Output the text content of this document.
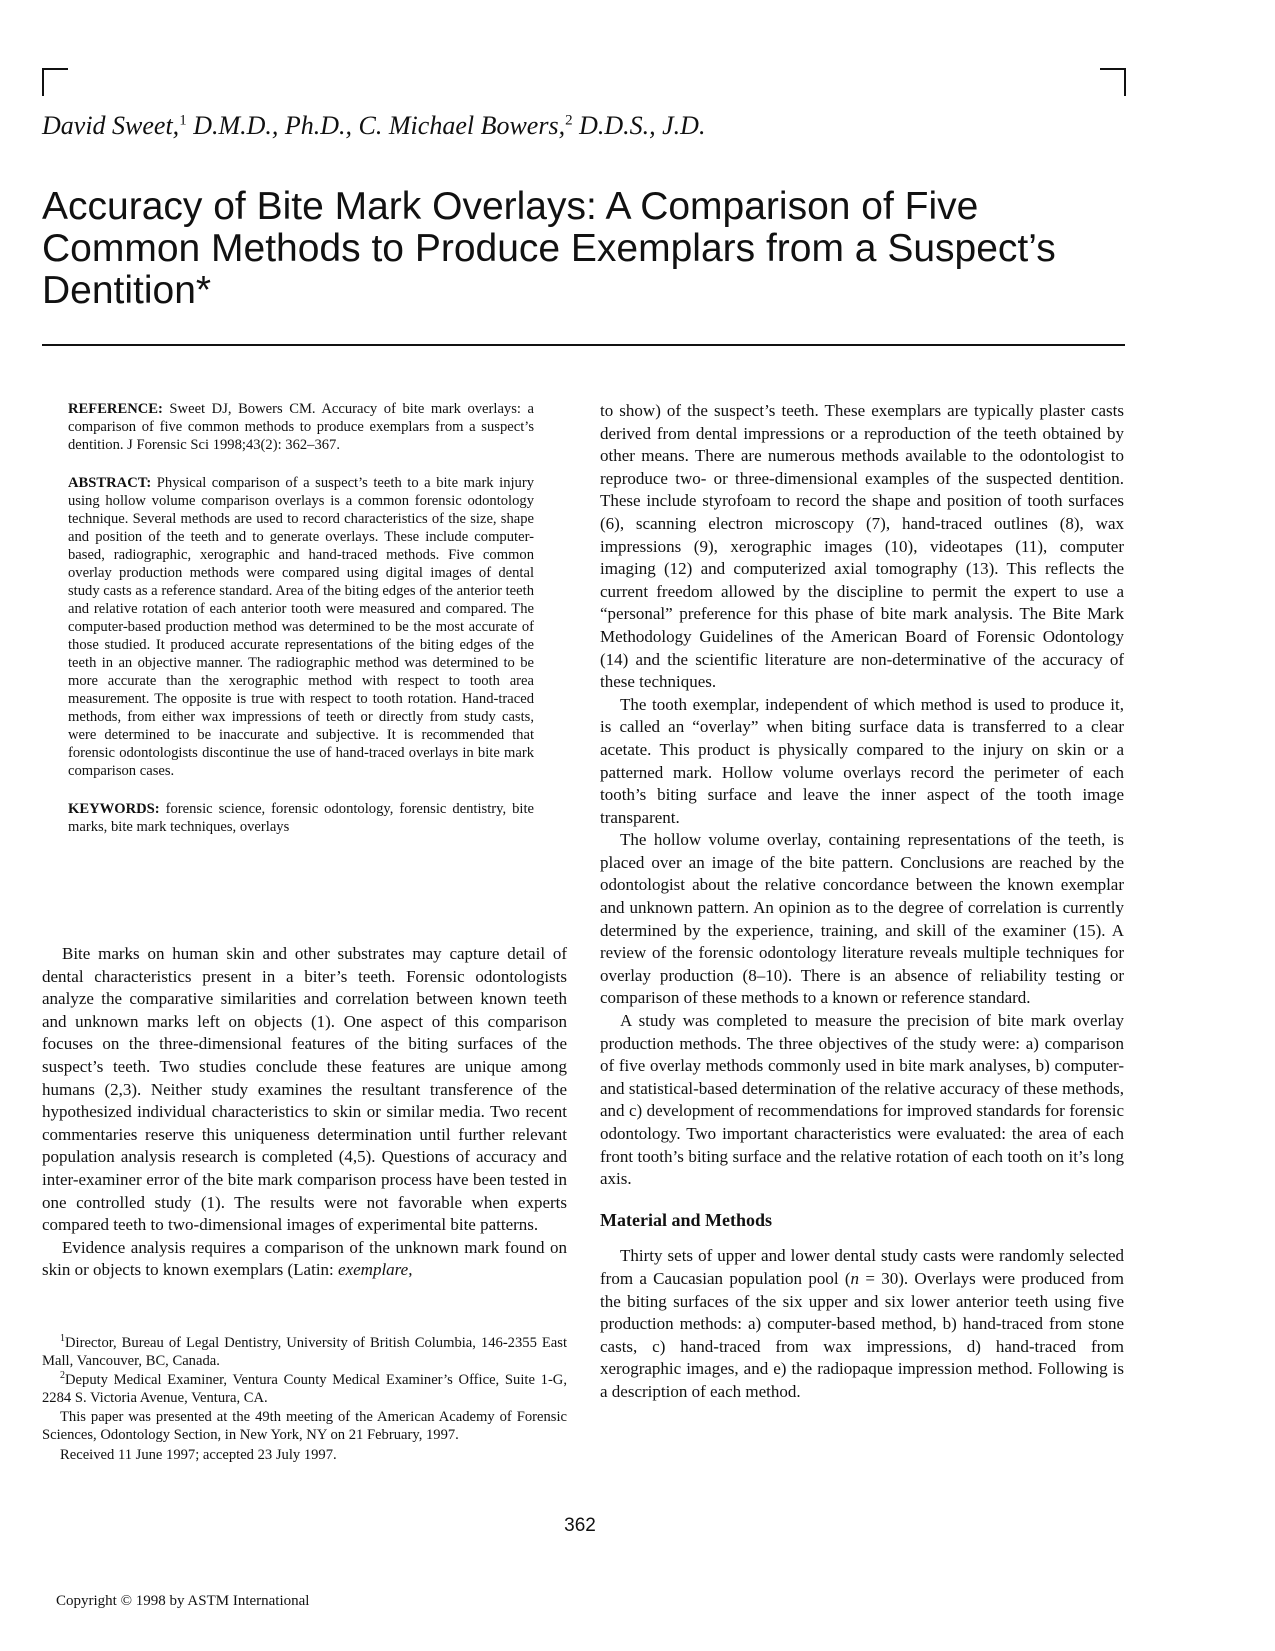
David Sweet,$^1$ D.M.D., Ph.D., C. Michael Bowers,$^2$ D.D.S., J.D.
Accuracy of Bite Mark Overlays: A Comparison of Five Common Methods to Produce Exemplars from a Suspect’s Dentition*

REFERENCE: Sweet DJ, Bowers CM. Accuracy of bite mark overlays: a comparison of five common methods to produce exemplars from a suspect’s dentition. J Forensic Sci 1998;43(2): 362–367.

ABSTRACT: Physical comparison of a suspect’s teeth to a bite mark injury using hollow volume comparison overlays is a common forensic odontology technique. Several methods are used to record characteristics of the size, shape and position of the teeth and to generate overlays. These include computer-based, radiographic, xerographic and hand-traced methods. Five common overlay production methods were compared using digital images of dental study casts as a reference standard. Area of the biting edges of the anterior teeth and relative rotation of each anterior tooth were measured and compared. The computer-based production method was determined to be the most accurate of those studied. It produced accurate representations of the biting edges of the teeth in an objective manner. The radiographic method was determined to be more accurate than the xerographic method with respect to tooth area measurement. The opposite is true with respect to tooth rotation. Hand-traced methods, from either wax impressions of teeth or directly from study casts, were determined to be inaccurate and subjective. It is recommended that forensic odontologists discontinue the use of hand-traced overlays in bite mark comparison cases.

KEYWORDS: forensic science, forensic odontology, forensic dentistry, bite marks, bite mark techniques, overlays

Bite marks on human skin and other substrates may capture detail of dental characteristics present in a biter’s teeth. Forensic odontologists analyze the comparative similarities and correlation between known teeth and unknown marks left on objects (1). One aspect of this comparison focuses on the three-dimensional features of the biting surfaces of the suspect’s teeth. Two studies conclude these features are unique among humans (2,3). Neither study examines the resultant transference of the hypothesized individual characteristics to skin or similar media. Two recent commentaries reserve this uniqueness determination until further relevant population analysis research is completed (4,5). Questions of accuracy and inter-examiner error of the bite mark comparison process have been tested in one controlled study (1). The results were not favorable when experts compared teeth to two-dimensional images of experimental bite patterns.

Evidence analysis requires a comparison of the unknown mark found on skin or objects to known exemplars (Latin: exemplare,

$^1$Director, Bureau of Legal Dentistry, University of British Columbia, 146-2355 East Mall, Vancouver, BC, Canada.

$^2$Deputy Medical Examiner, Ventura County Medical Examiner’s Office, Suite 1-G, 2284 S. Victoria Avenue, Ventura, CA.

This paper was presented at the 49th meeting of the American Academy of Forensic Sciences, Odontology Section, in New York, NY on 21 February, 1997.

Received 11 June 1997; accepted 23 July 1997.

to show) of the suspect’s teeth. These exemplars are typically plaster casts derived from dental impressions or a reproduction of the teeth obtained by other means. There are numerous methods available to the odontologist to reproduce two- or three-dimensional examples of the suspected dentition. These include styrofoam to record the shape and position of tooth surfaces (6), scanning electron microscopy (7), hand-traced outlines (8), wax impressions (9), xerographic images (10), videotapes (11), computer imaging (12) and computerized axial tomography (13). This reflects the current freedom allowed by the discipline to permit the expert to use a “personal” preference for this phase of bite mark analysis. The Bite Mark Methodology Guidelines of the American Board of Forensic Odontology (14) and the scientific literature are non-determinative of the accuracy of these techniques.

The tooth exemplar, independent of which method is used to produce it, is called an “overlay” when biting surface data is transferred to a clear acetate. This product is physically compared to the injury on skin or a patterned mark. Hollow volume overlays record the perimeter of each tooth’s biting surface and leave the inner aspect of the tooth image transparent.

The hollow volume overlay, containing representations of the teeth, is placed over an image of the bite pattern. Conclusions are reached by the odontologist about the relative concordance between the known exemplar and unknown pattern. An opinion as to the degree of correlation is currently determined by the experience, training, and skill of the examiner (15). A review of the forensic odontology literature reveals multiple techniques for overlay production (8–10). There is an absence of reliability testing or comparison of these methods to a known or reference standard.

A study was completed to measure the precision of bite mark overlay production methods. The three objectives of the study were: a) comparison of five overlay methods commonly used in bite mark analyses, b) computer- and statistical-based determination of the relative accuracy of these methods, and c) development of recommendations for improved standards for forensic odontology. Two important characteristics were evaluated: the area of each front tooth’s biting surface and the relative rotation of each tooth on it’s long axis.

Material and Methods

Thirty sets of upper and lower dental study casts were randomly selected from a Caucasian population pool (n = 30). Overlays were produced from the biting surfaces of the six upper and six lower anterior teeth using five production methods: a) computer-based method, b) hand-traced from stone casts, c) hand-traced from wax impressions, d) hand-traced from xerographic images, and e) the radiopaque impression method. Following is a description of each method.

362
Copyright © 1998 by ASTM International
